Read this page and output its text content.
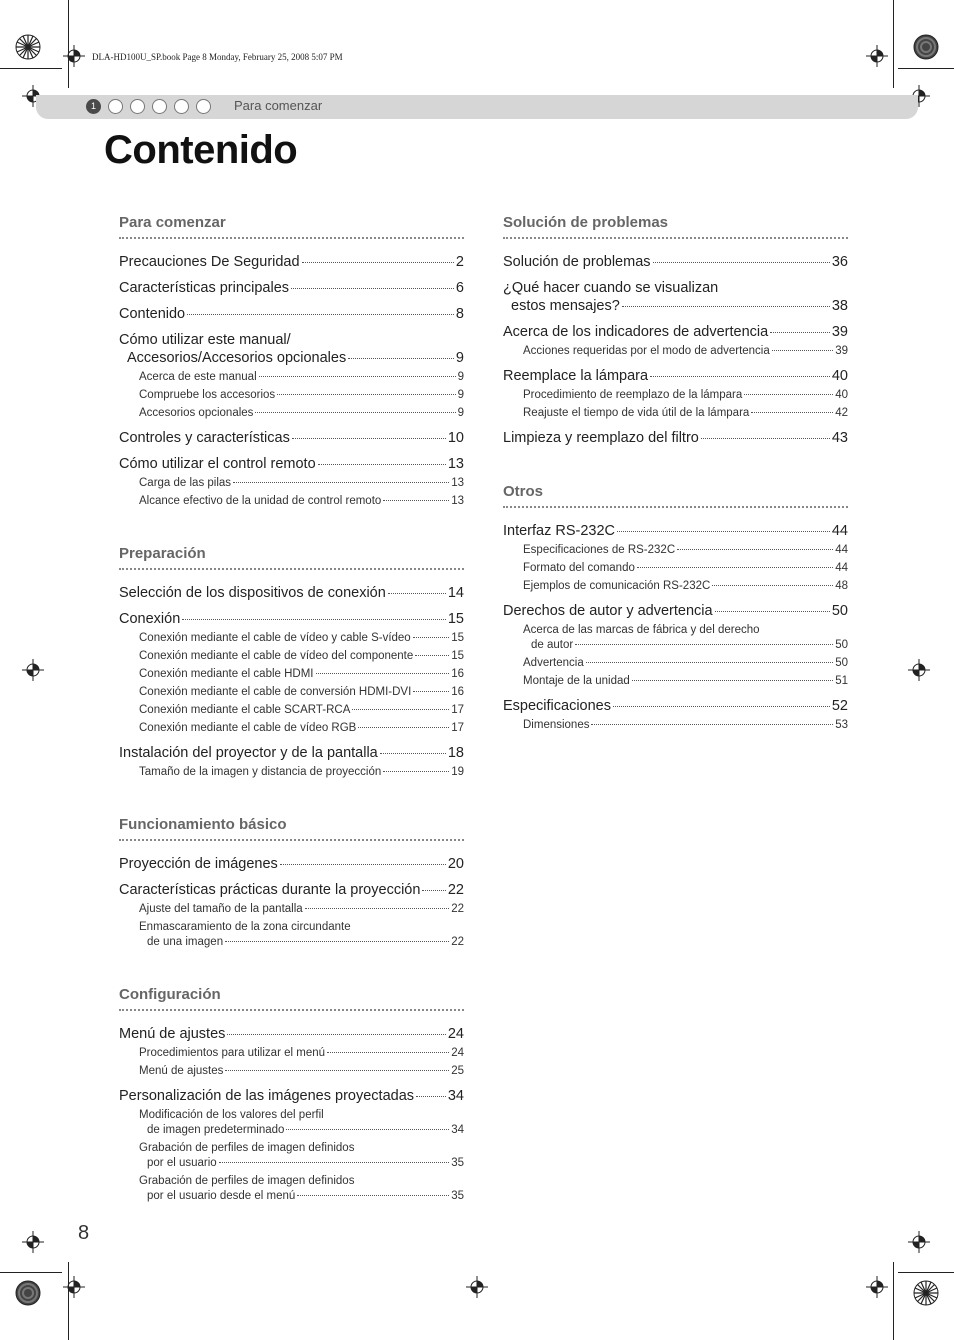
DLA-HD100U_SP.book Page 8 Monday, February 25, 2008 5:07 PM
1	Para comenzar
Contenido
Para comenzar
Precauciones De Seguridad	2
Características principales	6
Contenido	8
Cómo utilizar este manual/
Accesorios/Accesorios opcionales	9
Acerca de este manual	9
Compruebe los accesorios	9
Accesorios opcionales	9
Controles y características	10
Cómo utilizar el control remoto	13
Carga de las pilas	13
Alcance efectivo de la unidad de control remoto	13
Preparación
Selección de los dispositivos de conexión	14
Conexión	15
Conexión mediante el cable de vídeo y cable S-vídeo	15
Conexión mediante el cable de vídeo del componente	15
Conexión mediante el cable HDMI	16
Conexión mediante el cable de conversión HDMI-DVI	16
Conexión mediante el cable SCART-RCA	17
Conexión mediante el cable de vídeo RGB	17
Instalación del proyector y de la pantalla	18
Tamaño de la imagen y distancia de proyección	19
Funcionamiento básico
Proyección de imágenes	20
Características prácticas durante la proyección 22
Ajuste del tamaño de la pantalla	22
Enmascaramiento de la zona circundante
de una imagen	22
Configuración
Menú de ajustes	24
Procedimientos para utilizar el menú	24
Menú de ajustes	25
Personalización de las imágenes proyectadas 34
Modificación de los valores del perfil
de imagen predeterminado	34
Grabación de perfiles de imagen definidos
por el usuario	35
Grabación de perfiles de imagen definidos
por el usuario desde el menú	35
Solución de problemas
Solución de problemas	36
¿Qué hacer cuando se visualizan
estos mensajes?	38
Acerca de los indicadores de advertencia	39
Acciones requeridas por el modo de advertencia	39
Reemplace la lámpara	40
Procedimiento de reemplazo de la lámpara	40
Reajuste el tiempo de vida útil de la lámpara	42
Limpieza y reemplazo del filtro	43
Otros
Interfaz RS-232C	44
Especificaciones de RS-232C	44
Formato del comando	44
Ejemplos de comunicación RS-232C	48
Derechos de autor y advertencia	50
Acerca de las marcas de fábrica y del derecho
de autor	50
Advertencia	50
Montaje de la unidad	51
Especificaciones	52
Dimensiones	53
8
